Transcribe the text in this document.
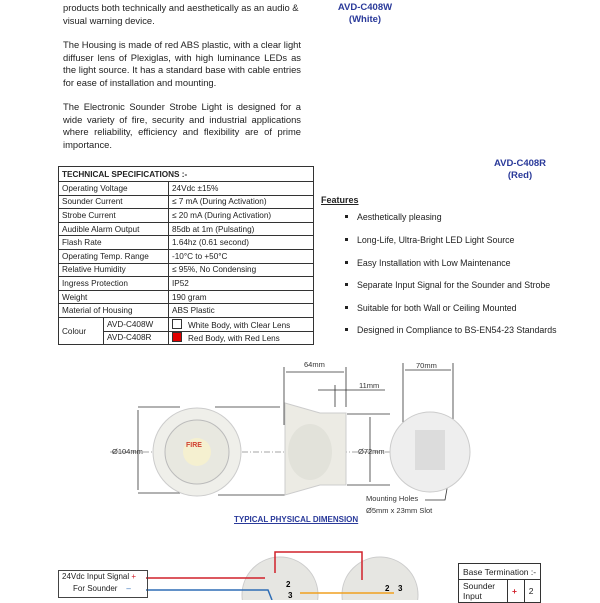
products both technically and aesthetically as an audio &
visual warning device.
The Housing is made of red ABS plastic, with a clear light diffuser lens of Plexiglas, with high luminance LEDs as the light source. It has a standard base with cable entries for ease of installation and mounting.
The Electronic Sounder Strobe Light is designed for a wide variety of fire, security and industrial applications where reliability, efficiency and flexibility are of prime importance.
AVD-C408W
(White)
AVD-C408R
(Red)
TECHNICAL SPECIFICATIONS :-		
Operating Voltage		24Vdc ±15%
Sounder Current		≤ 7 mA (During Activation)
Strobe Current		≤ 20 mA (During Activation)
Audible Alarm Output		85db at 1m (Pulsating)
Flash Rate		1.64hz (0.61 second)
Operating Temp. Range		-10°C to +50°C
Relative Humidity		≤ 95%, No Condensing
Ingress Protection		IP52
Weight		190 gram
Material of Housing		ABS Plastic
Colour	AVD-C408W	White Body, with Clear Lens
	AVD-C408R	Red Body, with Red Lens
Features
Aesthetically pleasing
Long-Life, Ultra-Bright LED Light Source
Easy Installation with Low Maintenance
Separate Input Signal for the Sounder and Strobe
Suitable for both Wall or Ceiling Mounted
Designed in Compliance to BS-EN54-23 Standards
FIRE
Ø104mm
64mm
11mm
Ø72mm
70mm
Mounting Holes
Ø5mm x 23mm Slot
TYPICAL PHYSICAL DIMENSION
2
3
2 3
24Vdc Input Signal +
For Sounder –
Base Termination :-
Sounder
Input	+	2
